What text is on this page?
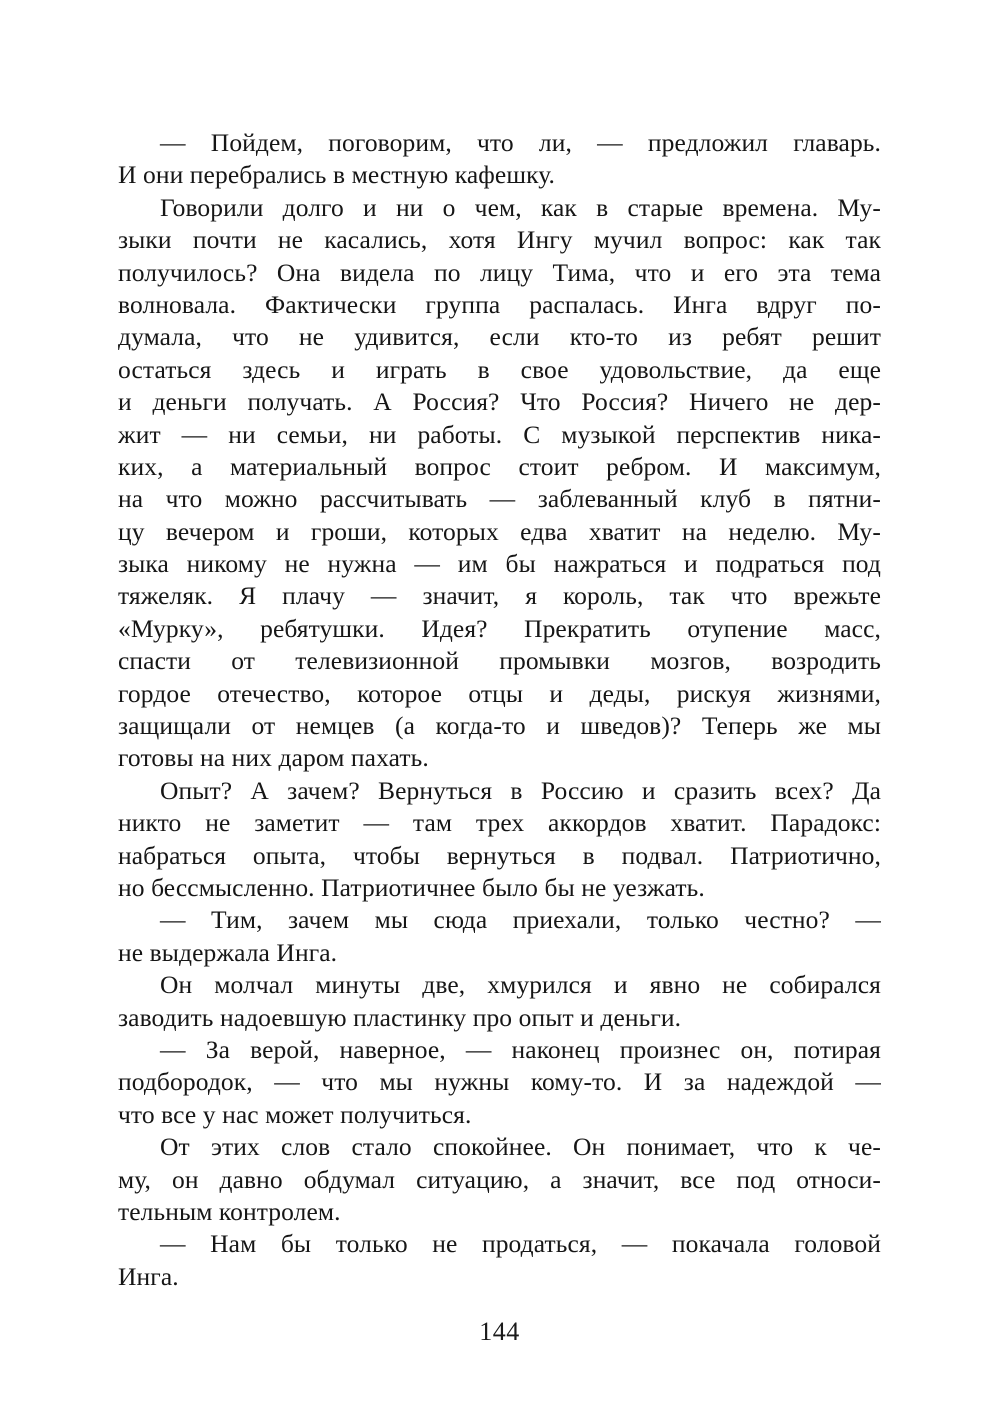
— Пойдем, поговорим, что ли, — предложил главарь.
И они перебрались в местную кафешку.
Говорили долго и ни о чем, как в старые времена. Му-
зыки почти не касались, хотя Ингу мучил вопрос: как так
получилось? Она видела по лицу Тима, что и его эта тема
волновала. Фактически группа распалась. Инга вдруг по-
думала, что не удивится, если кто-то из ребят решит
остаться здесь и играть в свое удовольствие, да еще
и деньги получать. А Россия? Что Россия? Ничего не дер-
жит — ни семьи, ни работы. С музыкой перспектив ника-
ких, а материальный вопрос стоит ребром. И максимум,
на что можно рассчитывать — заблеванный клуб в пятни-
цу вечером и гроши, которых едва хватит на неделю. Му-
зыка никому не нужна — им бы нажраться и подраться под
тяжеляк. Я плачу — значит, я король, так что врежьте
«Мурку», ребятушки. Идея? Прекратить отупение масс,
спасти от телевизионной промывки мозгов, возродить
гордое отечество, которое отцы и деды, рискуя жизнями,
защищали от немцев (а когда-то и шведов)? Теперь же мы
готовы на них даром пахать.
Опыт? А зачем? Вернуться в Россию и сразить всех? Да
никто не заметит — там трех аккордов хватит. Парадокс:
набраться опыта, чтобы вернуться в подвал. Патриотично,
но бессмысленно. Патриотичнее было бы не уезжать.
— Тим, зачем мы сюда приехали, только честно? —
не выдержала Инга.
Он молчал минуты две, хмурился и явно не собирался
заводить надоевшую пластинку про опыт и деньги.
— За верой, наверное, — наконец произнес он, потирая
подбородок, — что мы нужны кому-то. И за надеждой —
что все у нас может получиться.
От этих слов стало спокойнее. Он понимает, что к че-
му, он давно обдумал ситуацию, а значит, все под относи-
тельным контролем.
— Нам бы только не продаться, — покачала головой
Инга.
144
